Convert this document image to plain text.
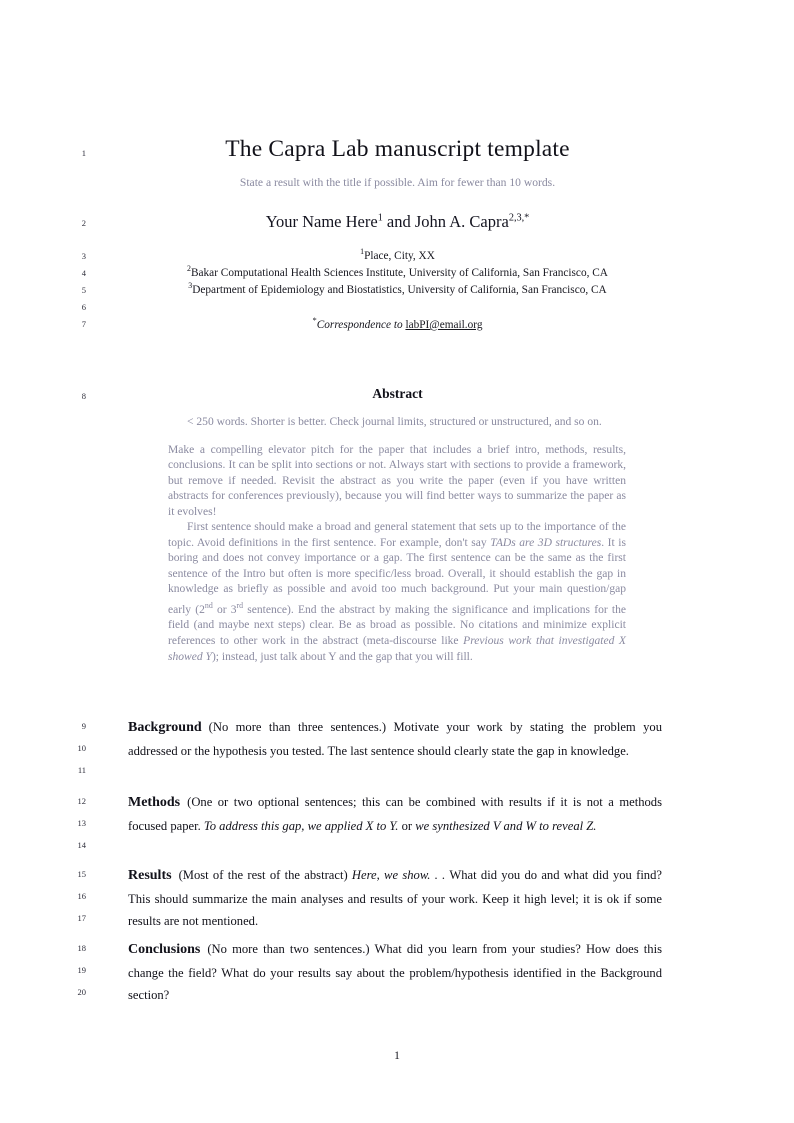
1
2
3
4
5
6
7
8
9
10
11
12
13
14
15
16
17
18
19
20
The Capra Lab manuscript template
State a result with the title if possible. Aim for fewer than 10 words.
Your Name Here$^1$ and John A. Capra$^{2,3,*}$
$^1$Place, City, XX
$^2$Bakar Computational Health Sciences Institute, University of California, San Francisco, CA
$^3$Department of Epidemiology and Biostatistics, University of California, San Francisco, CA
*Correspondence to labPI@email.org
Abstract

< 250 words. Shorter is better. Check journal limits, structured or unstructured, and so on.

Make a compelling elevator pitch for the paper that includes a brief intro, methods, results, conclusions. It can be split into sections or not. Always start with sections to provide a framework, but remove if needed. Revisit the abstract as you write the paper (even if you have written abstracts for conferences previously), because you will find better ways to summarize the paper as it evolves!

First sentence should make a broad and general statement that sets up to the importance of the topic. Avoid definitions in the first sentence. For example, don't say TADs are 3D structures. It is boring and does not convey importance or a gap. The first sentence can be the same as the first sentence of the Intro but often is more specific/less broad. Overall, it should establish the gap in knowledge as briefly as possible and avoid too much background. Put your main question/gap early (2nd or 3rd sentence). End the abstract by making the significance and implications for the field (and maybe next steps) clear. Be as broad as possible. No citations and minimize explicit references to other work in the abstract (meta-discourse like Previous work that investigated X showed Y); instead, just talk about Y and the gap that you will fill.

Background (No more than three sentences.) Motivate your work by stating the problem you addressed or the hypothesis you tested. The last sentence should clearly state the gap in knowledge.
Methods (One or two optional sentences; this can be combined with results if it is not a methods focused paper. To address this gap, we applied X to Y. or we synthesized V and W to reveal Z.
Results (Most of the rest of the abstract) Here, we show. . . What did you do and what did you find? This should summarize the main analyses and results of your work. Keep it high level; it is ok if some results are not mentioned.
Conclusions (No more than two sentences.) What did you learn from your studies? How does this change the field? What do your results say about the problem/hypothesis identified in the Background section?
1
